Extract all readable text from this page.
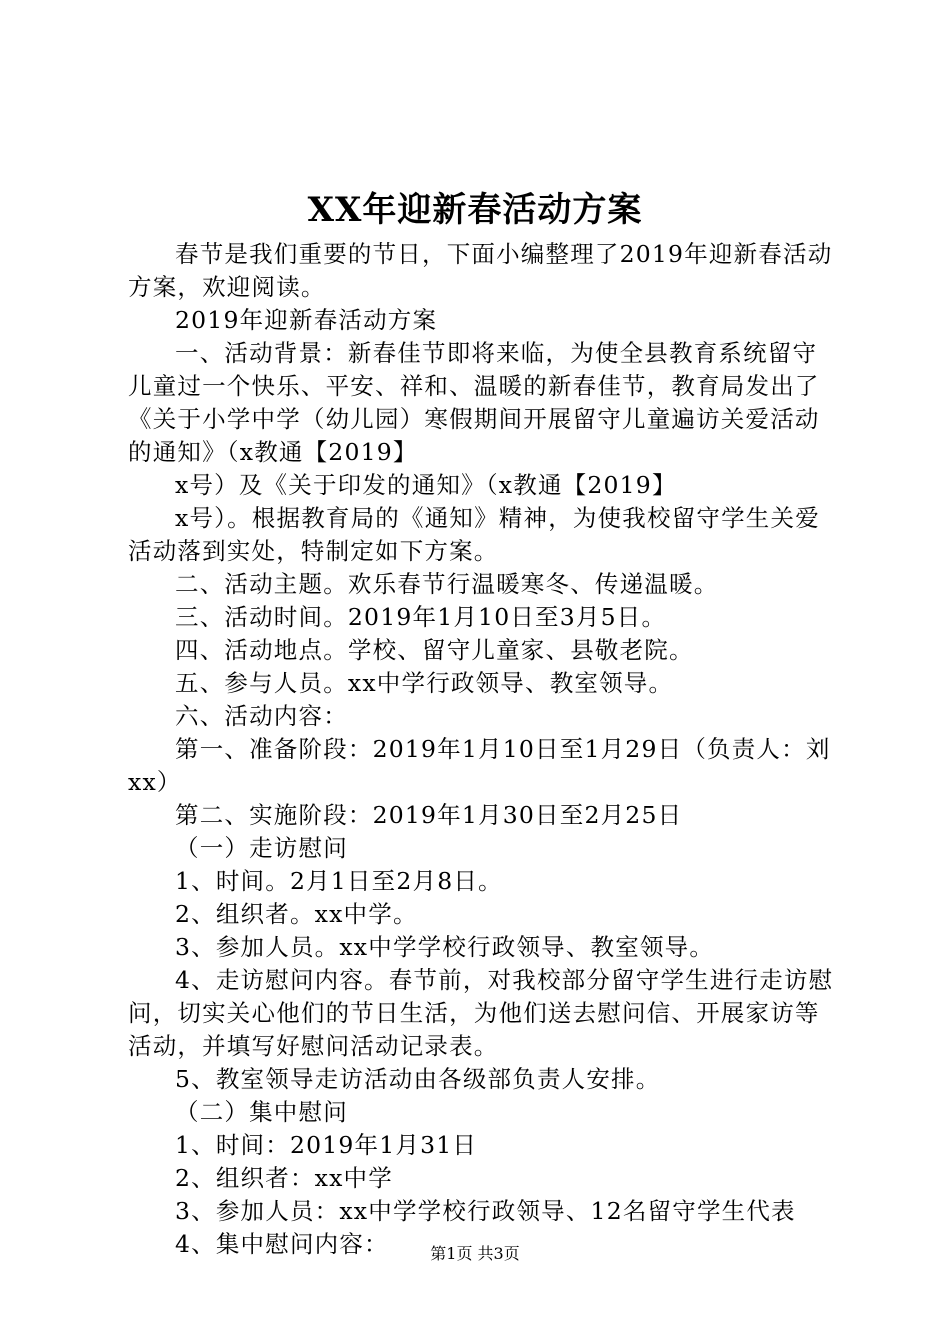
XX年迎新春活动方案

春节是我们重要的节日，下面小编整理了2019年迎新春活动方案，欢迎阅读。

2019年迎新春活动方案

一、活动背景：新春佳节即将来临，为使全县教育系统留守儿童过一个快乐、平安、祥和、温暖的新春佳节，教育局发出了《关于小学中学（幼儿园）寒假期间开展留守儿童遍访关爱活动的通知》（x教通【2019】

x号）及《关于印发的通知》（x教通【2019】

x号）。根据教育局的《通知》精神，为使我校留守学生关爱活动落到实处，特制定如下方案。

二、活动主题。欢乐春节行温暖寒冬、传递温暖。

三、活动时间。2019年1月10日至3月5日。

四、活动地点。学校、留守儿童家、县敬老院。

五、参与人员。xx中学行政领导、教室领导。

六、活动内容：

第一、准备阶段：2019年1月10日至1月29日（负责人：刘xx）

第二、实施阶段：2019年1月30日至2月25日

（一）走访慰问

1、时间。2月1日至2月8日。

2、组织者。xx中学。

3、参加人员。xx中学学校行政领导、教室领导。

4、走访慰问内容。春节前，对我校部分留守学生进行走访慰问，切实关心他们的节日生活，为他们送去慰问信、开展家访等活动，并填写好慰问活动记录表。

5、教室领导走访活动由各级部负责人安排。

（二）集中慰问

1、时间：2019年1月31日

2、组织者：xx中学

3、参加人员：xx中学学校行政领导、12名留守学生代表

4、集中慰问内容：	第1页 共3页
